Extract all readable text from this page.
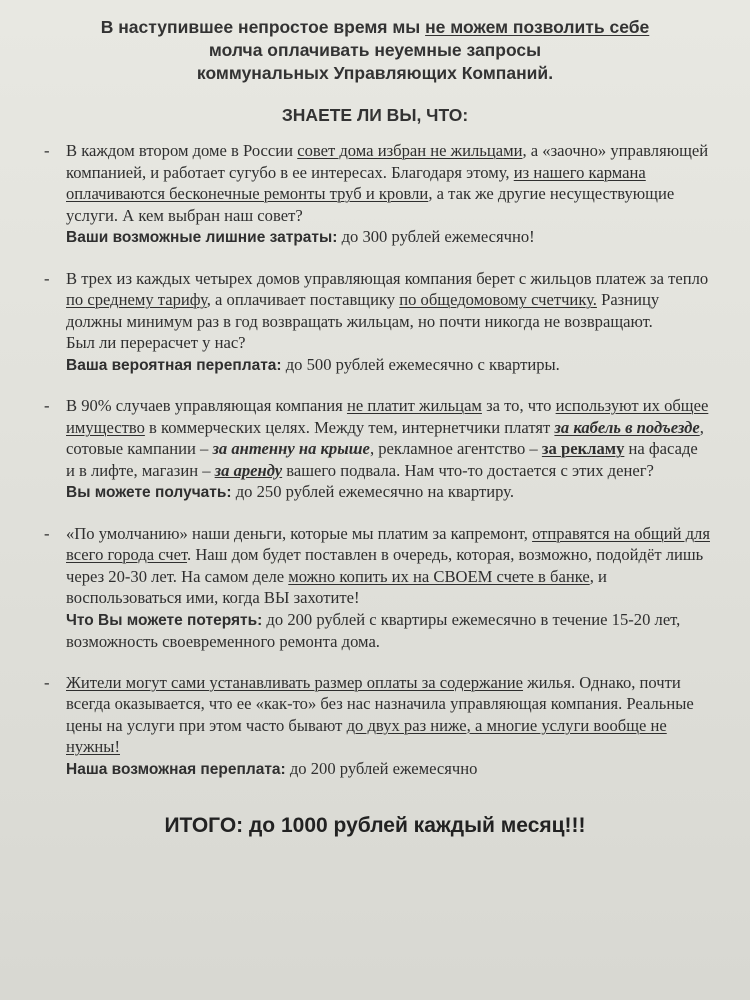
В наступившее непростое время мы не можем позволить себе
молча оплачивать неуемные запросы
коммунальных Управляющих Компаний.
ЗНАЕТЕ ЛИ ВЫ, ЧТО:
- В каждом втором доме в России совет дома избран не жильцами, а «заочно» управляющей компанией, и работает сугубо в ее интересах. Благодаря этому, из нашего кармана оплачиваются бесконечные ремонты труб и кровли, а так же другие несуществующие услуги. А кем выбран наш совет?

Ваши возможные лишние затраты: до 300 рублей ежемесячно!

- В трех из каждых четырех домов управляющая компания берет с жильцов платеж за тепло по среднему тарифу, а оплачивает поставщику по общедомовому счетчику. Разницу должны минимум раз в год возвращать жильцам, но почти никогда не возвращают.

Был ли перерасчет у нас?

Ваша вероятная переплата: до 500 рублей ежемесячно с квартиры.

- В 90% случаев управляющая компания не платит жильцам за то, что используют их общее имущество в коммерческих целях. Между тем, интернетчики платят за кабель в подъезде, сотовые кампании – за антенну на крыше, рекламное агентство – за рекламу на фасаде и в лифте, магазин – за аренду вашего подвала. Нам что-то достается с этих денег?

Вы можете получать: до 250 рублей ежемесячно на квартиру.

- «По умолчанию» наши деньги, которые мы платим за капремонт, отправятся на общий для всего города счет. Наш дом будет поставлен в очередь, которая, возможно, подойдёт лишь через 20-30 лет. На самом деле можно копить их на СВОЕМ счете в банке, и воспользоваться ими, когда ВЫ захотите!

Что Вы можете потерять: до 200 рублей с квартиры ежемесячно в течение 15-20 лет, возможность своевременного ремонта дома.

- Жители могут сами устанавливать размер оплаты за содержание жилья. Однако, почти всегда оказывается, что ее «как-то» без нас назначила управляющая компания. Реальные цены на услуги при этом часто бывают до двух раз ниже, а многие услуги вообще не нужны!

Наша возможная переплата: до 200 рублей ежемесячно

ИТОГО: до 1000 рублей каждый месяц!!!
